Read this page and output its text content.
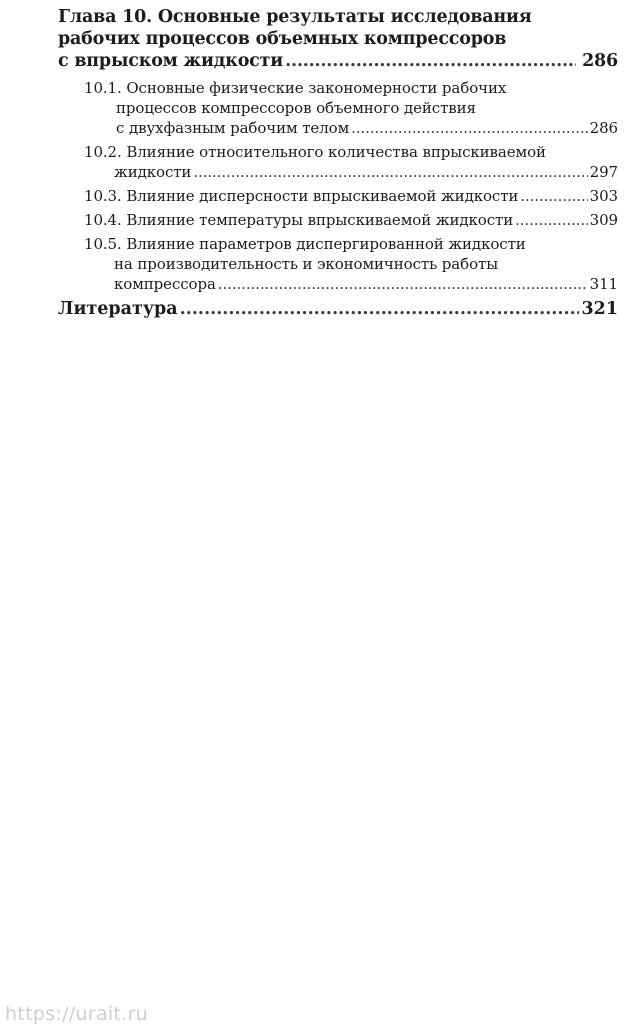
Глава 10. Основные результаты исследования
рабочих процессов объемных компрессоров
с впрыском жидкости .....	286
10.1. Основные физические закономерности рабочих
процессов компрессоров объемного действия
с двухфазным рабочим телом .....	286
10.2. Влияние относительного количества впрыскиваемой
жидкости .....	297
10.3. Влияние дисперсности впрыскиваемой жидкости .....	303
10.4. Влияние температуры впрыскиваемой жидкости .....	309
10.5. Влияние параметров диспергированной жидкости
на производительность и экономичность работы
компрессора .....	311
Литература .....	321
https://urait.ru
